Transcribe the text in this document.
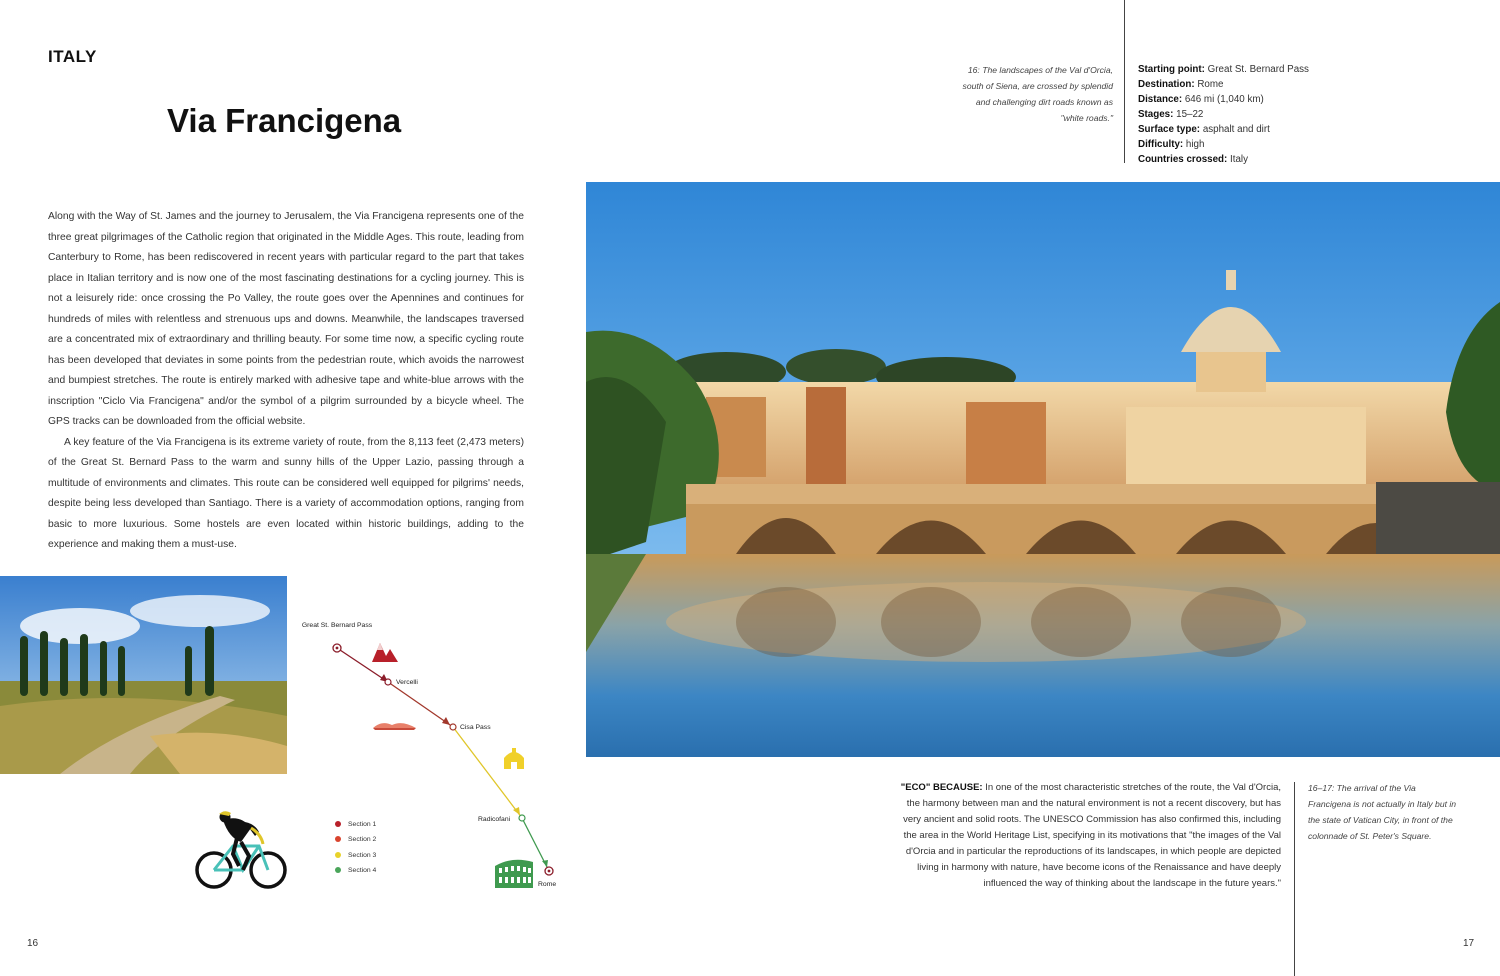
ITALY
Via Francigena

Along with the Way of St. James and the journey to Jerusalem, the Via Francigena represents one of the three great pilgrimages of the Catholic region that originated in the Middle Ages. This route, leading from Canterbury to Rome, has been rediscovered in recent years with particular regard to the part that takes place in Italian territory and is now one of the most fascinating destinations for a cycling journey. This is not a leisurely ride: once crossing the Po Valley, the route goes over the Apennines and continues for hundreds of miles with relentless and strenuous ups and downs. Meanwhile, the landscapes traversed are a concentrated mix of extraordinary and thrilling beauty. For some time now, a specific cycling route has been developed that deviates in some points from the pedestrian route, which avoids the narrowest and bumpiest stretches. The route is entirely marked with adhesive tape and white-blue arrows with the inscription "Ciclo Via Francigena" and/or the symbol of a pilgrim surrounded by a bicycle wheel. The GPS tracks can be downloaded from the official website.

A key feature of the Via Francigena is its extreme variety of route, from the 8,113 feet (2,473 meters) of the Great St. Bernard Pass to the warm and sunny hills of the Upper Lazio, passing through a multitude of environments and climates. This route can be considered well equipped for pilgrims' needs, despite being less developed than Santiago. There is a variety of accommodation options, ranging from basic to more luxurious. Some hostels are even located within historic buildings, adding to the experience and making them a must-use.

16: The landscapes of the Val d'Orcia, south of Siena, are crossed by splendid and challenging dirt roads known as "white roads."
Starting point: Great St. Bernard Pass
Destination: Rome
Distance: 646 mi (1,040 km)
Stages: 15–22
Surface type: asphalt and dirt
Difficulty: high
Countries crossed: Italy
Great St. Bernard Pass
Vercelli
Cisa Pass
Radicofani
Rome
Section 1
Section 2
Section 3
Section 4
"ECO" BECAUSE: In one of the most characteristic stretches of the route, the Val d'Orcia, the harmony between man and the natural environment is not a recent discovery, but has very ancient and solid roots. The UNESCO Commission has also confirmed this, including the area in the World Heritage List, specifying in its motivations that "the images of the Val d'Orcia and in particular the reproductions of its landscapes, in which people are depicted living in harmony with nature, have become icons of the Renaissance and have deeply influenced the way of thinking about the landscape in the future years."
16–17: The arrival of the Via Francigena is not actually in Italy but in the state of Vatican City, in front of the colonnade of St. Peter's Square.
16	17
